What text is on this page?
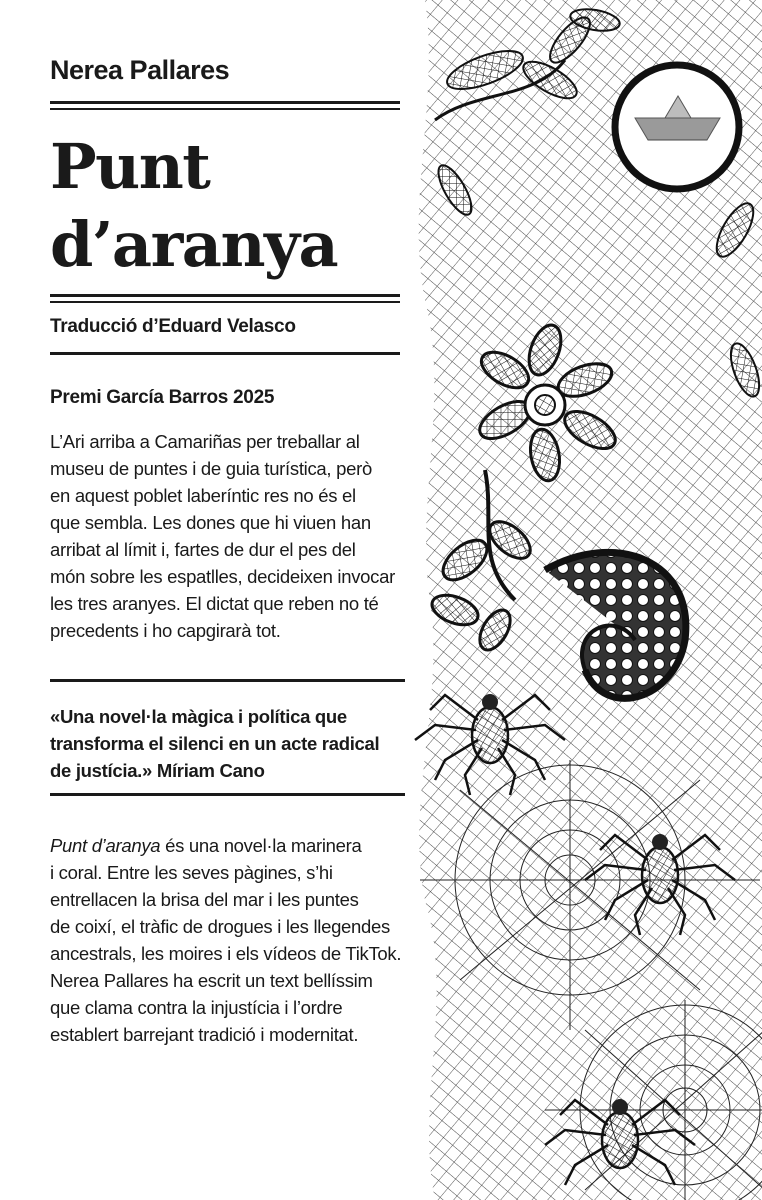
Nerea Pallares
Punt
d’aranya
Traducció d’Eduard Velasco
Premi García Barros 2025
L’Ari arriba a Camariñas per treballar al
museu de puntes i de guia turística, però
en aquest poblet laberíntic res no és el
que sembla. Les dones que hi viuen han
arribat al límit i, fartes de dur el pes del
món sobre les espatlles, decideixen invocar
les tres aranyes. El dictat que reben no té
precedents i ho capgirarà tot.
«Una novel·la màgica i política que
transforma el silenci en un acte radical
de justícia.» Míriam Cano
Punt d’aranya és una novel·la marinera
i coral. Entre les seves pàgines, s’hi
entrellacen la brisa del mar i les puntes
de coixí, el tràfic de drogues i les llegendes
ancestrals, les moires i els vídeos de TikTok.
Nerea Pallares ha escrit un text bellíssim
que clama contra la injustícia i l’ordre
establert barrejant tradició i modernitat.
